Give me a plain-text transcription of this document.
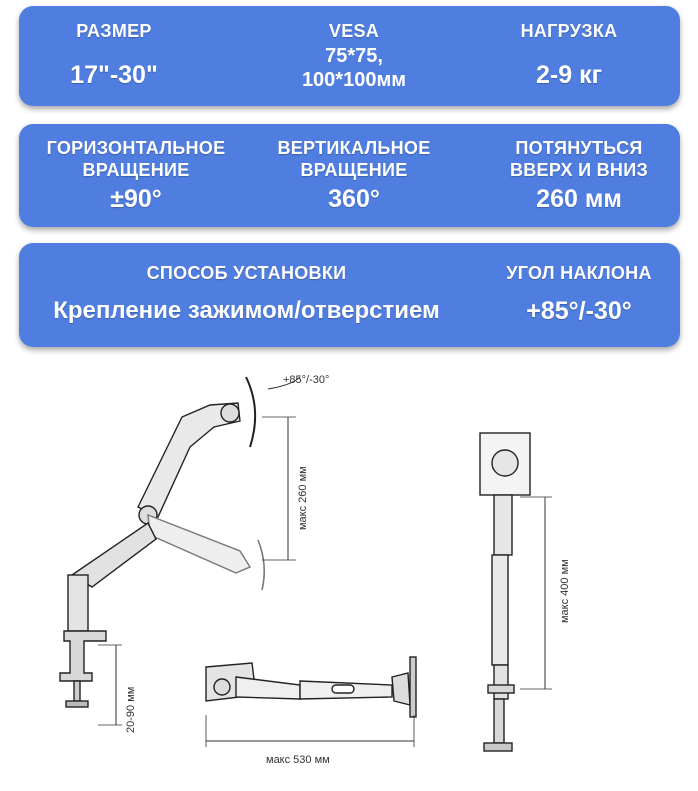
РАЗМЕР
17"-30"
VESA
75*75,
100*100мм
НАГРУЗКА
2-9 кг
ГОРИЗОНТАЛЬНОЕ
ВРАЩЕНИЕ
±90°
ВЕРТИКАЛЬНОЕ
ВРАЩЕНИЕ
360°
ПОТЯНУТЬСЯ
ВВЕРХ И ВНИЗ
260 мм
СПОСОБ УСТАНОВКИ
Крепление зажимом/отверстием
УГОЛ НАКЛОНА
+85°/-30°
+85°/-30°
макс 260 мм
20-90 мм
макс 530 мм
макс 400 мм
